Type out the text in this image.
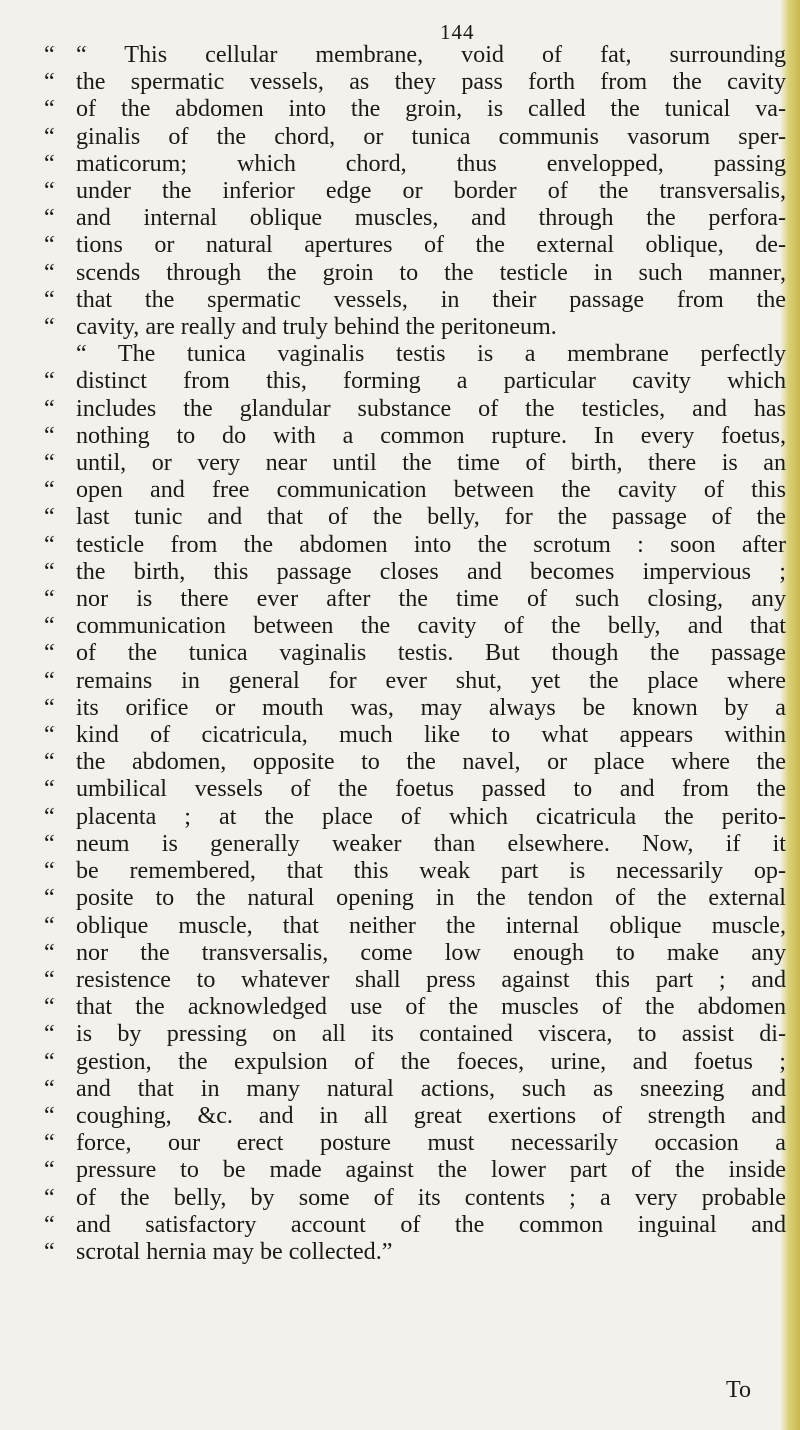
144
“ “ This cellular membrane, void of fat, surrounding
“ the spermatic vessels, as they pass forth from the cavity
“ of the abdomen into the groin, is called the tunical va-
“ ginalis of the chord, or tunica communis vasorum sper-
“ maticorum; which chord, thus envelopped, passing
“ under the inferior edge or border of the transversalis,
“ and internal oblique muscles, and through the perfora-
“ tions or natural apertures of the external oblique, de-
“ scends through the groin to the testicle in such manner,
“ that the spermatic vessels, in their passage from the
“ cavity, are really and truly behind the peritoneum.
“ The tunica vaginalis testis is a membrane perfectly
“ distinct from this, forming a particular cavity which
“ includes the glandular substance of the testicles, and has
“ nothing to do with a common rupture. In every foetus,
“ until, or very near until the time of birth, there is an
“ open and free communication between the cavity of this
“ last tunic and that of the belly, for the passage of the
“ testicle from the abdomen into the scrotum : soon after
“ the birth, this passage closes and becomes impervious ;
“ nor is there ever after the time of such closing, any
“ communication between the cavity of the belly, and that
“ of the tunica vaginalis testis. But though the passage
“ remains in general for ever shut, yet the place where
“ its orifice or mouth was, may always be known by a
“ kind of cicatricula, much like to what appears within
“ the abdomen, opposite to the navel, or place where the
“ umbilical vessels of the foetus passed to and from the
“ placenta ; at the place of which cicatricula the perito-
“ neum is generally weaker than elsewhere. Now, if it
“ be remembered, that this weak part is necessarily op-
“ posite to the natural opening in the tendon of the external
“ oblique muscle, that neither the internal oblique muscle,
“ nor the transversalis, come low enough to make any
“ resistence to whatever shall press against this part ; and
“ that the acknowledged use of the muscles of the abdomen
“ is by pressing on all its contained viscera, to assist di-
“ gestion, the expulsion of the foeces, urine, and foetus ;
“ and that in many natural actions, such as sneezing and
“ coughing, &c. and in all great exertions of strength and
“ force, our erect posture must necessarily occasion a
“ pressure to be made against the lower part of the inside
“ of the belly, by some of its contents ; a very probable
“ and satisfactory account of the common inguinal and
“ scrotal hernia may be collected.”
To
